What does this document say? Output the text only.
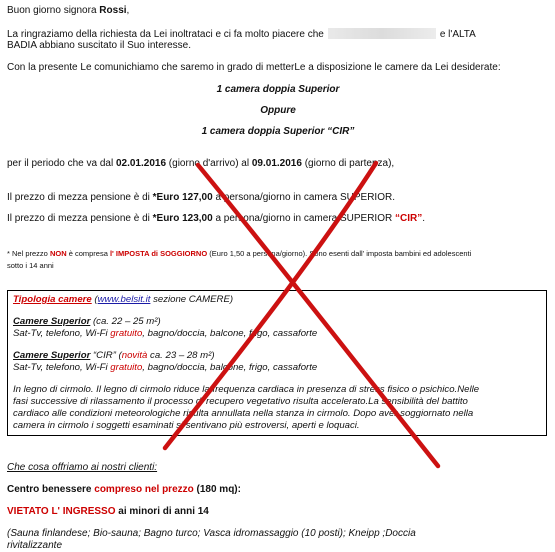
Buon giorno signora Rossi,
La ringraziamo della richiesta da Lei inoltrataci e ci fa molto piacere che	e l'ALTA
BADIA abbiano suscitato il Suo interesse.
Con la presente Le comunichiamo che saremo in grado di metterLe a disposizione le camere da Lei desiderate:
1 camera doppia Superior
Oppure
1 camera doppia Superior “CIR”
per il periodo che va dal 02.01.2016 (giorno d'arrivo) al 09.01.2016 (giorno di partenza),
Il prezzo di mezza pensione è di *Euro 127,00 a persona/giorno in camera SUPERIOR.
Il prezzo di mezza pensione è di *Euro 123,00 a persona/giorno in camera SUPERIOR “CIR”.
* Nel prezzo NON è compresa l' IMPOSTA di SOGGIORNO (Euro 1,50 a persona/giorno). Sono esenti dall' imposta bambini ed adolescenti
sotto i 14 anni
Tipologia camere (www.belsit.it sezione CAMERE)
Camere Superior (ca. 22 – 25 m²)
Sat-Tv, telefono, Wi-Fi gratuito, bagno/doccia, balcone, frigo, cassaforte
Camere Superior “CIR” (novità ca. 23 – 28 m²)
Sat-Tv, telefono, Wi-Fi gratuito, bagno/doccia, balcone, frigo, cassaforte
In legno di cirmolo. Il legno di cirmolo riduce la frequenza cardiaca in presenza di stress fisico o psichico.Nelle
fasi successive di rilassamento il processo di recupero vegetativo risulta accelerato.La sensibilità del battito
cardiaco alle condizioni meteorologiche risulta annullata nella stanza in cirmolo. Dopo aver soggiornato nella
camera in cirmolo i soggetti esaminati si sentivano più estroversi, aperti e loquaci.
Che cosa offriamo ai nostri clienti:
Centro benessere compreso nel prezzo (180 mq):
VIETATO L' INGRESSO ai minori di anni 14
(Sauna finlandese; Bio-sauna; Bagno turco; Vasca idromassaggio (10 posti); Kneipp ;Doccia
rivitalizzante
